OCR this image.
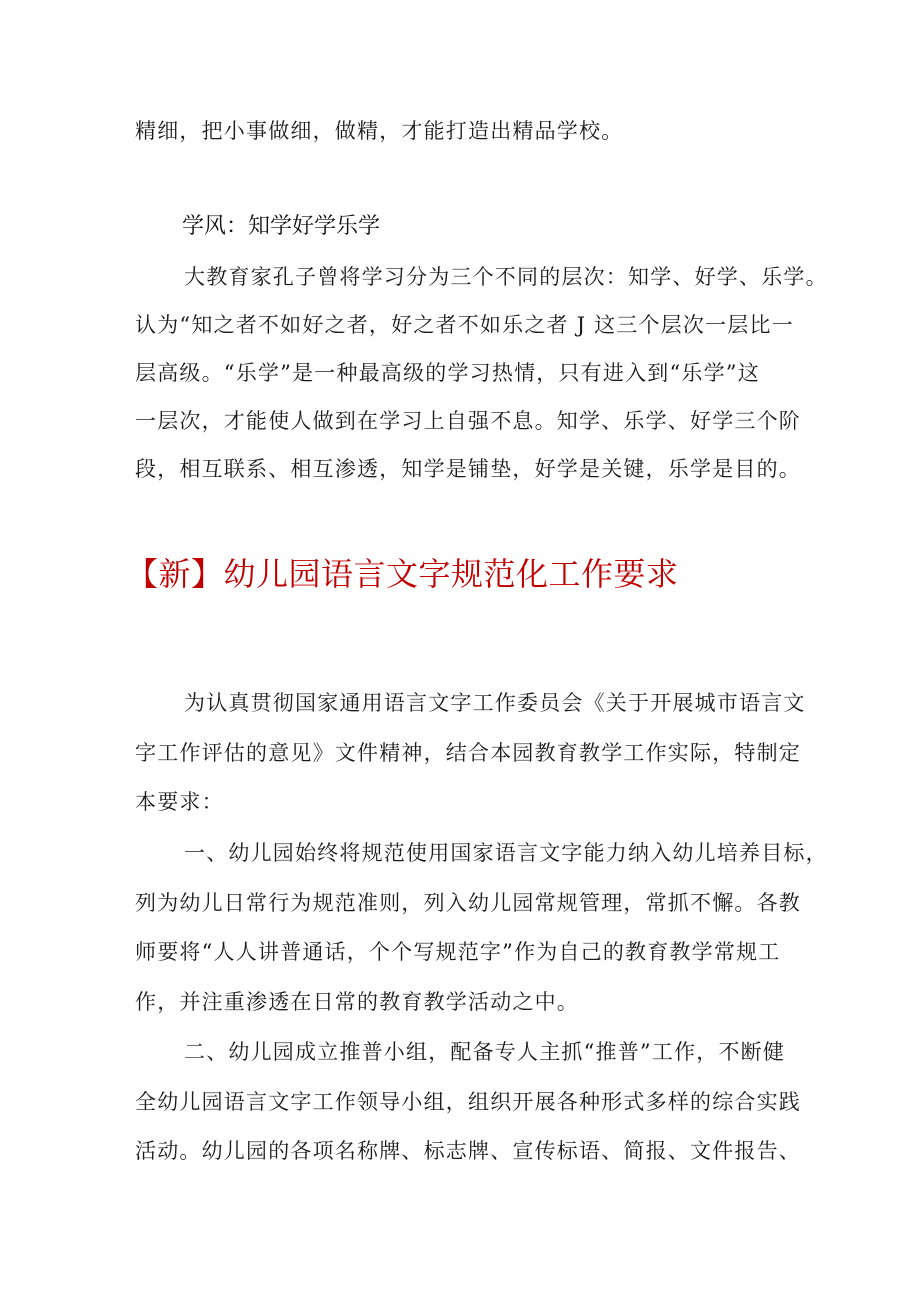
精细，把小事做细，做精，才能打造出精品学校。
学风：知学好学乐学
大教育家孔子曾将学习分为三个不同的层次：知学、好学、乐学。
认为“知之者不如好之者，好之者不如乐之者 J 这三个层次一层比一
层高级。“乐学”是一种最高级的学习热情，只有进入到“乐学”这
一层次，才能使人做到在学习上自强不息。知学、乐学、好学三个阶
段，相互联系、相互渗透，知学是铺垫，好学是关键，乐学是目的。
【新】幼儿园语言文字规范化工作要求
为认真贯彻国家通用语言文字工作委员会《关于开展城市语言文
字工作评估的意见》文件精神，结合本园教育教学工作实际，特制定
本要求：
一、幼儿园始终将规范使用国家语言文字能力纳入幼儿培养目标，
列为幼儿日常行为规范准则，列入幼儿园常规管理，常抓不懈。各教
师要将“人人讲普通话，个个写规范字”作为自己的教育教学常规工
作，并注重渗透在日常的教育教学活动之中。
二、幼儿园成立推普小组，配备专人主抓“推普”工作，不断健
全幼儿园语言文字工作领导小组，组织开展各种形式多样的综合实践
活动。幼儿园的各项名称牌、标志牌、宣传标语、简报、文件报告、
